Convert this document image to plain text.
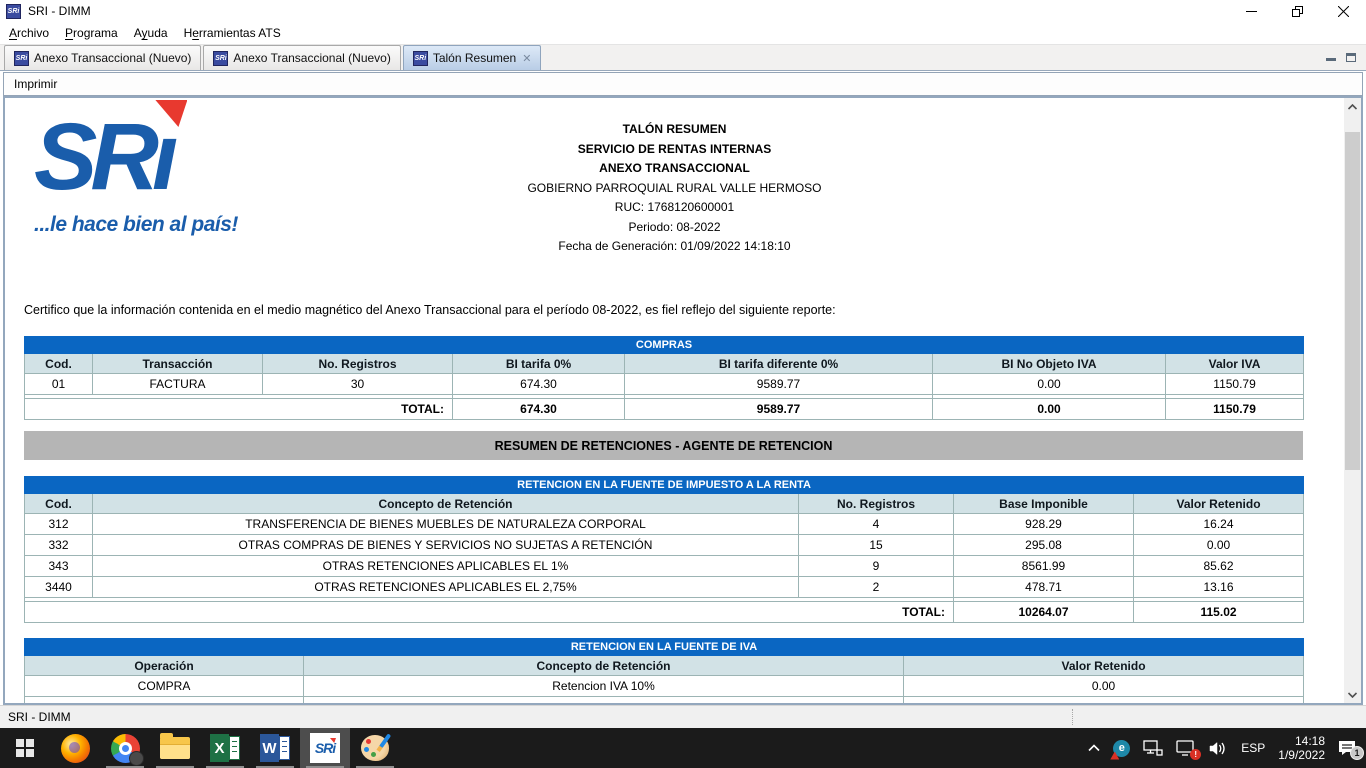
SRi SRI - DIMM
Archivo	Programa	Ayuda	Herramientas ATS
SRi Anexo Transaccional (Nuevo)	SRi Anexo Transaccional (Nuevo)	SRi Talón Resumen ✕
Imprimir
SRı
...le hace bien al país!
TALÓN RESUMEN
SERVICIO DE RENTAS INTERNAS
ANEXO TRANSACCIONAL
GOBIERNO PARROQUIAL RURAL VALLE HERMOSO
RUC: 1768120600001
Periodo: 08-2022
Fecha de Generación: 01/09/2022 14:18:10
Certifico que la información contenida en el medio magnético del Anexo Transaccional para el período 08-2022, es fiel reflejo del siguiente reporte:
COMPRAS						
Cod.	Transacción	No. Registros	BI tarifa 0%	BI tarifa diferente 0%	BI No Objeto IVA	Valor IVA
01	FACTURA	30	674.30	9589.77	0.00	1150.79

TOTAL:			674.30	9589.77	0.00	1150.79
RESUMEN DE RETENCIONES - AGENTE DE RETENCION
RETENCION EN LA FUENTE DE IMPUESTO A LA RENTA				
Cod.	Concepto de Retención	No. Registros	Base Imponible	Valor Retenido
312	TRANSFERENCIA DE BIENES MUEBLES DE NATURALEZA CORPORAL	4	928.29	16.24
332	OTRAS COMPRAS DE BIENES Y SERVICIOS NO SUJETAS A RETENCIÓN	15	295.08	0.00
343	OTRAS RETENCIONES APLICABLES EL 1%	9	8561.99	85.62
3440	OTRAS RETENCIONES APLICABLES EL 2,75%	2	478.71	13.16

TOTAL:			10264.07	115.02
RETENCION EN LA FUENTE DE IVA		
Operación	Concepto de Retención	Valor Retenido
COMPRA	Retencion IVA 10%	0.00

SRI - DIMM
X	W	SRi	e
!	ESP	14:18
1/9/2022	1
